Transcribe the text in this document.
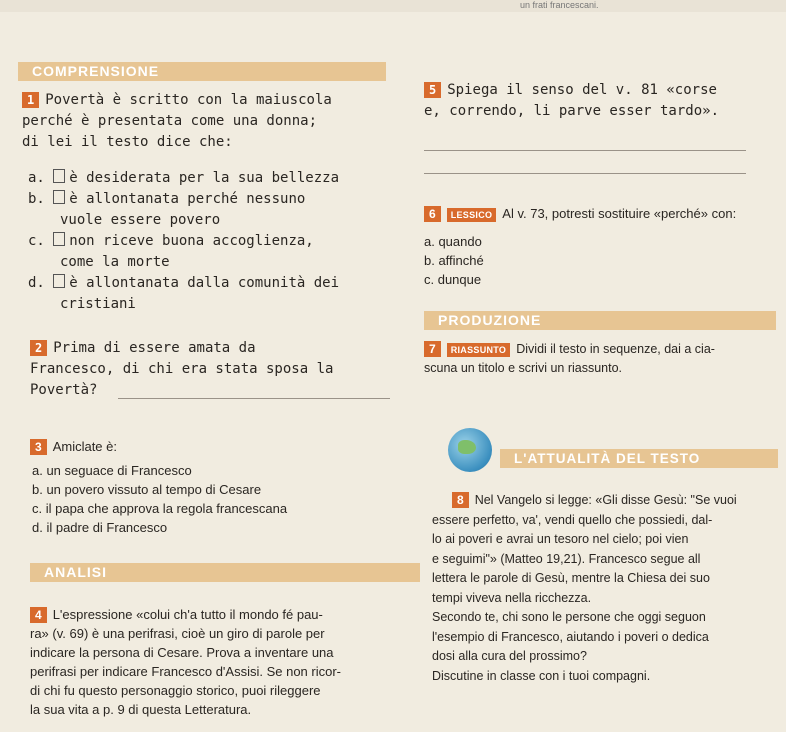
un frati francescani.
COMPRENSIONE

1 Povertà è scritto con la maiuscola

perché è presentata come una donna;

di lei il testo dice che:

a. è desiderata per la sua bellezza

b. è allontanata perché nessuno

vuole essere povero

c. non riceve buona accoglienza,

come la morte

d. è allontanata dalla comunità dei

cristiani

2 Prima di essere amata da

Francesco, di chi era stata sposa la

Povertà?

3 Amiclate è:

a. un seguace di Francesco

b. un povero vissuto al tempo di Cesare

c. il papa che approva la regola francescana

d. il padre di Francesco

ANALISI

4 L'espressione «colui ch'a tutto il mondo fé pau-

ra» (v. 69) è una perifrasi, cioè un giro di parole per

indicare la persona di Cesare. Prova a inventare una

perifrasi per indicare Francesco d'Assisi. Se non ricor-

di chi fu questo personaggio storico, puoi rileggere

la sua vita a p. 9 di questa Letteratura.

5 Spiega il senso del v. 81 «corse

e, correndo, li parve esser tardo».

6 LESSICO Al v. 73, potresti sostituire «perché» con:

a. quando

b. affinché

c. dunque

PRODUZIONE

7 RIASSUNTO Dividi il testo in sequenze, dai a cia-

scuna un titolo e scrivi un riassunto.

L'ATTUALITÀ DEL TESTO

8 Nel Vangelo si legge: «Gli disse Gesù: "Se vuoi

essere perfetto, va', vendi quello che possiedi, dal-

lo ai poveri e avrai un tesoro nel cielo; poi vien

e seguimi"» (Matteo 19,21). Francesco segue all

lettera le parole di Gesù, mentre la Chiesa dei suo

tempi viveva nella ricchezza.

Secondo te, chi sono le persone che oggi seguon

l'esempio di Francesco, aiutando i poveri o dedica

dosi alla cura del prossimo?

Discutine in classe con i tuoi compagni.
